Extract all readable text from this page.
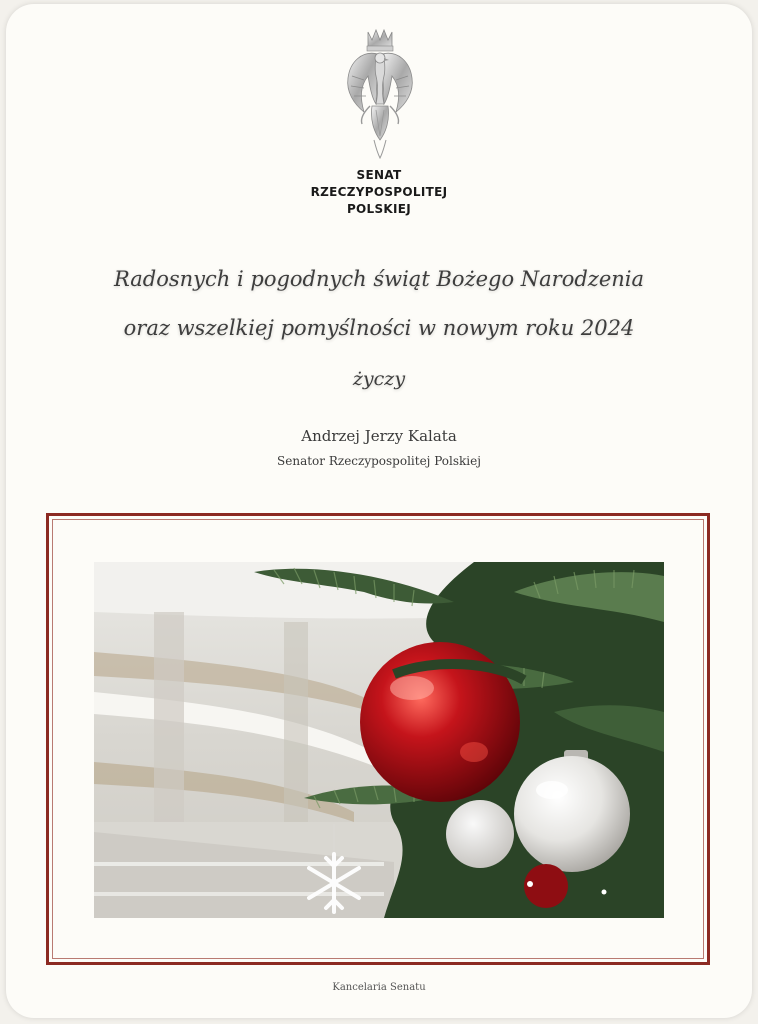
SENAT
RZECZYPOSPOLITEJ
POLSKIEJ
Radosnych i pogodnych świąt Bożego Narodzenia
oraz wszelkiej pomyślności w nowym roku 2024
życzy
Andrzej Jerzy Kalata
Senator Rzeczypospolitej Polskiej
Kancelaria Senatu
